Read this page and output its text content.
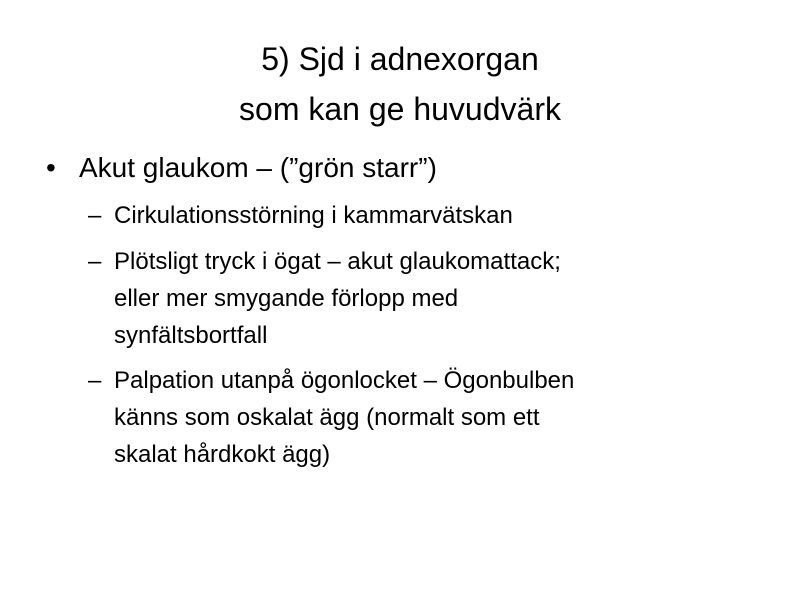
5) Sjd i adnexorgan
som kan ge huvudvärk
• Akut glaukom – (”grön starr”)
– Cirkulationsstörning i kammarvätskan
– Plötsligt tryck i ögat – akut glaukomattack;
eller mer smygande förlopp med
synfältsbortfall
– Palpation utanpå ögonlocket – Ögonbulben
känns som oskalat ägg (normalt som ett
skalat hårdkokt ägg)
